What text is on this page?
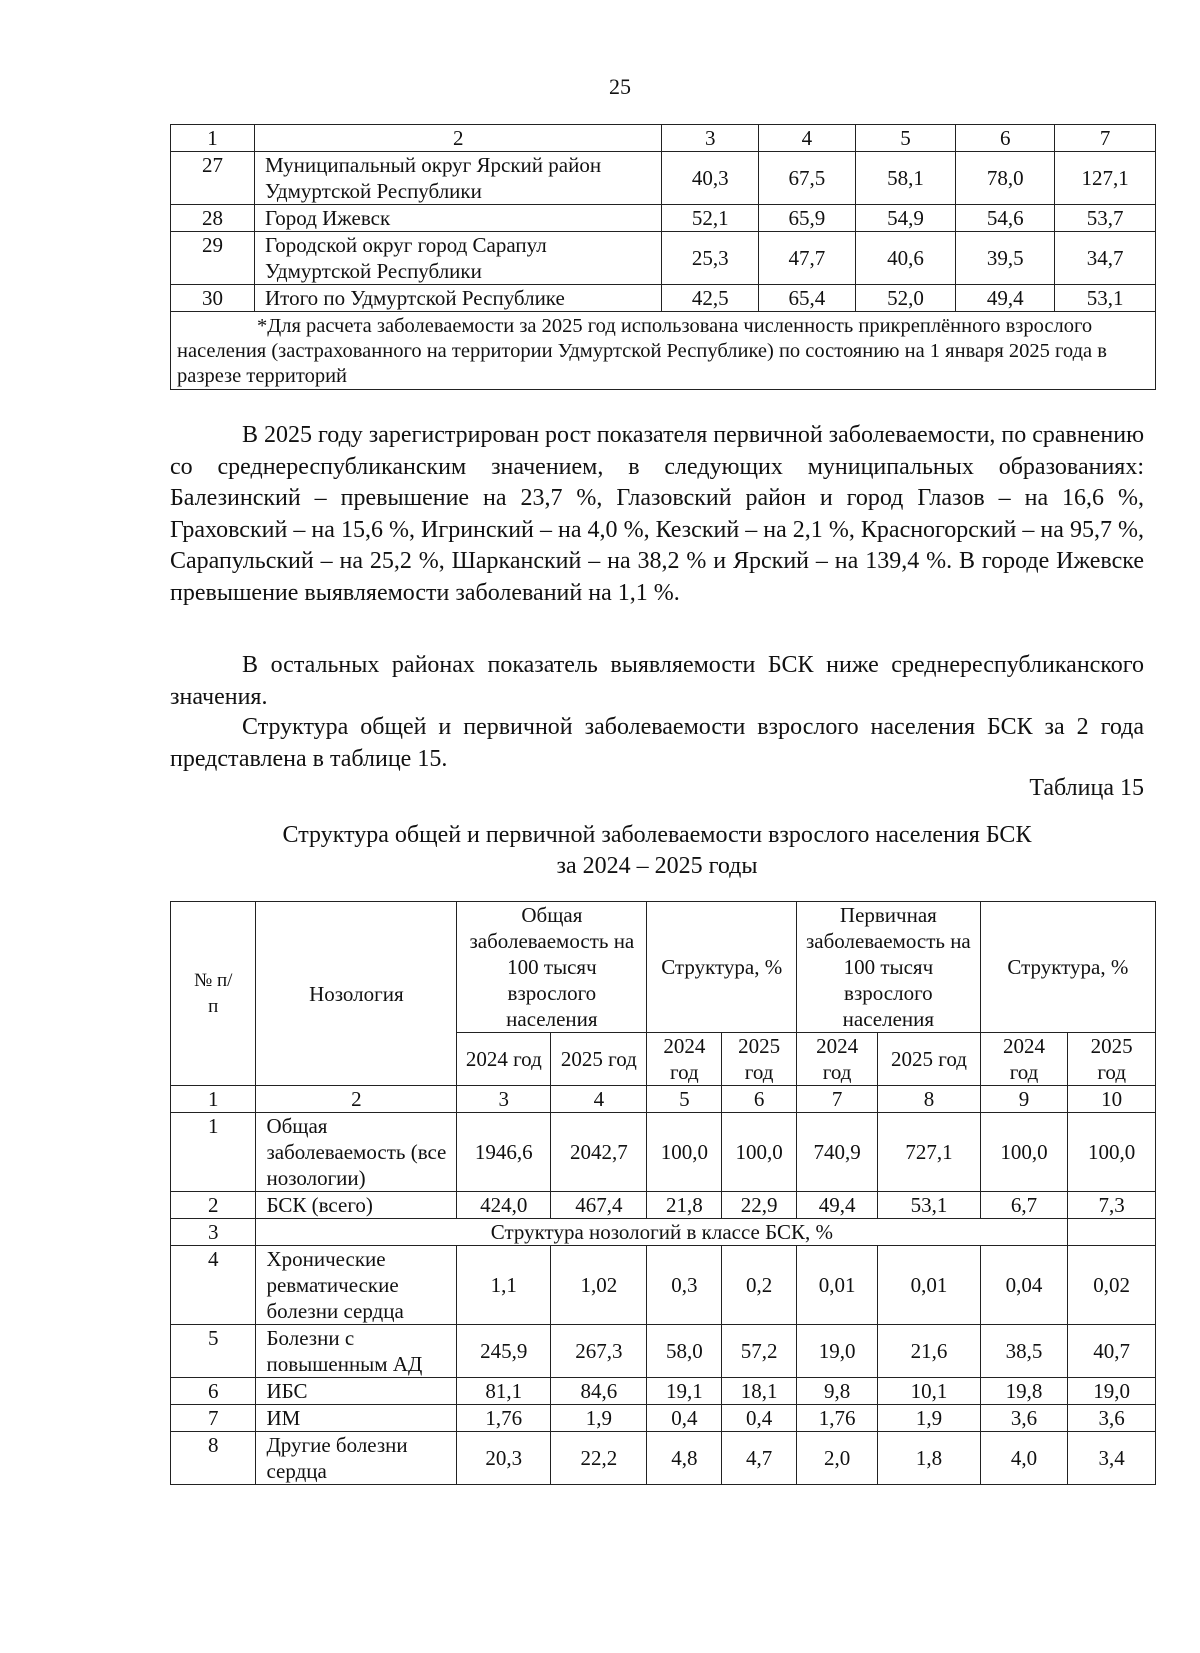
25
1	2	3	4	5	6	7
27	Муниципальный округ Ярский район Удмуртской Республики	40,3	67,5	58,1	78,0	127,1
28	Город Ижевск	52,1	65,9	54,9	54,6	53,7
29	Городской округ город Сарапул Удмуртской Республики	25,3	47,7	40,6	39,5	34,7
30	Итого по Удмуртской Республике	42,5	65,4	52,0	49,4	53,1
*Для расчета заболеваемости за 2025 год использована численность прикреплённого взрослого населения (застрахованного на территории Удмуртской Республике) по состоянию на 1 января 2025 года в разрезе территорий						
В 2025 году зарегистрирован рост показателя первичной заболеваемости, по сравнению со среднереспубликанским значением, в следующих муниципальных образованиях: Балезинский – превышение на 23,7 %, Глазовский район и город Глазов – на 16,6 %, Граховский – на 15,6 %, Игринский – на 4,0 %, Кезский – на 2,1 %, Красногорский – на 95,7 %, Сарапульский – на 25,2 %, Шарканский – на 38,2 % и Ярский – на 139,4 %. В городе Ижевске превышение выявляемости заболеваний на 1,1 %.
В остальных районах показатель выявляемости БСК ниже среднереспубликанского значения.
Структура общей и первичной заболеваемости взрослого населения БСК за 2 года представлена в таблице 15.
Таблица 15
Структура общей и первичной заболеваемости взрослого населения БСК
за 2024 – 2025 годы
№ п/п	Нозология	Общая заболеваемость на 100 тысяч взрослого населения		Структура, %		Первичная заболеваемость на 100 тысяч взрослого населения		Структура, %	
		2024 год	2025 год	2024 год	2025 год	2024 год	2025 год	2024 год	2025 год
1	2	3	4	5	6	7	8	9	10
1	Общая заболеваемость (все нозологии)	1946,6	2042,7	100,0	100,0	740,9	727,1	100,0	100,0
2	БСК (всего)	424,0	467,4	21,8	22,9	49,4	53,1	6,7	7,3
3	Структура нозологий в классе БСК, %								
4	Хронические ревматические болезни сердца	1,1	1,02	0,3	0,2	0,01	0,01	0,04	0,02
5	Болезни с повышенным АД	245,9	267,3	58,0	57,2	19,0	21,6	38,5	40,7
6	ИБС	81,1	84,6	19,1	18,1	9,8	10,1	19,8	19,0
7	ИМ	1,76	1,9	0,4	0,4	1,76	1,9	3,6	3,6
8	Другие болезни сердца	20,3	22,2	4,8	4,7	2,0	1,8	4,0	3,4
